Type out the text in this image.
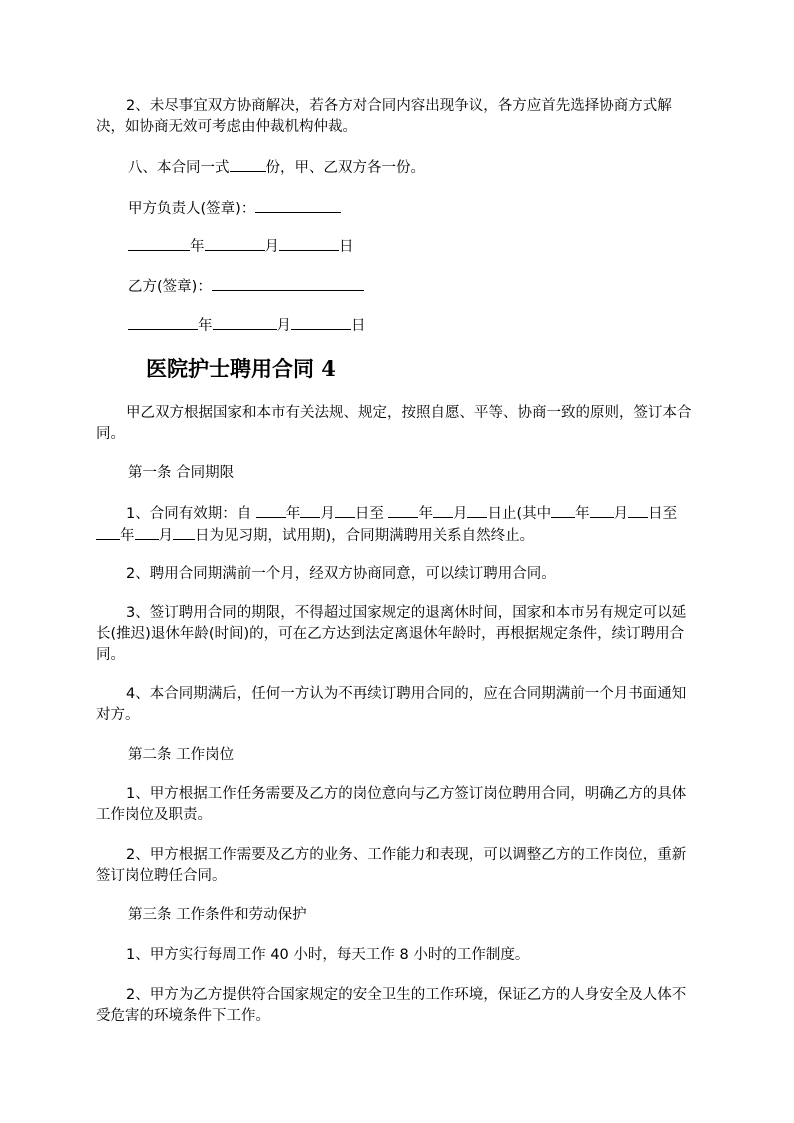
2、未尽事宜双方协商解决，若各方对合同内容出现争议，各方应首先选择协商方式解决，如协商无效可考虑由仲裁机构仲裁。

八、本合同一式 份，甲、乙双方各一份。

甲方负责人(签章)：

年	月	日

乙方(签章)：

年	月	日

医院护士聘用合同 4

甲乙双方根据国家和本市有关法规、规定，按照自愿、平等、协商一致的原则，签订本合同。

第一条 合同期限

1、合同有效期：自 年 月 日至 年 月 日止(其中 年 月 日至年 月 日为见习期，试用期)，合同期满聘用关系自然终止。

2、聘用合同期满前一个月，经双方协商同意，可以续订聘用合同。

3、签订聘用合同的期限，不得超过国家规定的退离休时间，国家和本市另有规定可以延长(推迟)退休年龄(时间)的，可在乙方达到法定离退休年龄时，再根据规定条件，续订聘用合同。

4、本合同期满后，任何一方认为不再续订聘用合同的，应在合同期满前一个月书面通知对方。

第二条 工作岗位

1、甲方根据工作任务需要及乙方的岗位意向与乙方签订岗位聘用合同，明确乙方的具体工作岗位及职责。

2、甲方根据工作需要及乙方的业务、工作能力和表现，可以调整乙方的工作岗位，重新签订岗位聘任合同。

第三条 工作条件和劳动保护

1、甲方实行每周工作 40 小时，每天工作 8 小时的工作制度。

2、甲方为乙方提供符合国家规定的安全卫生的工作环境，保证乙方的人身安全及人体不受危害的环境条件下工作。
